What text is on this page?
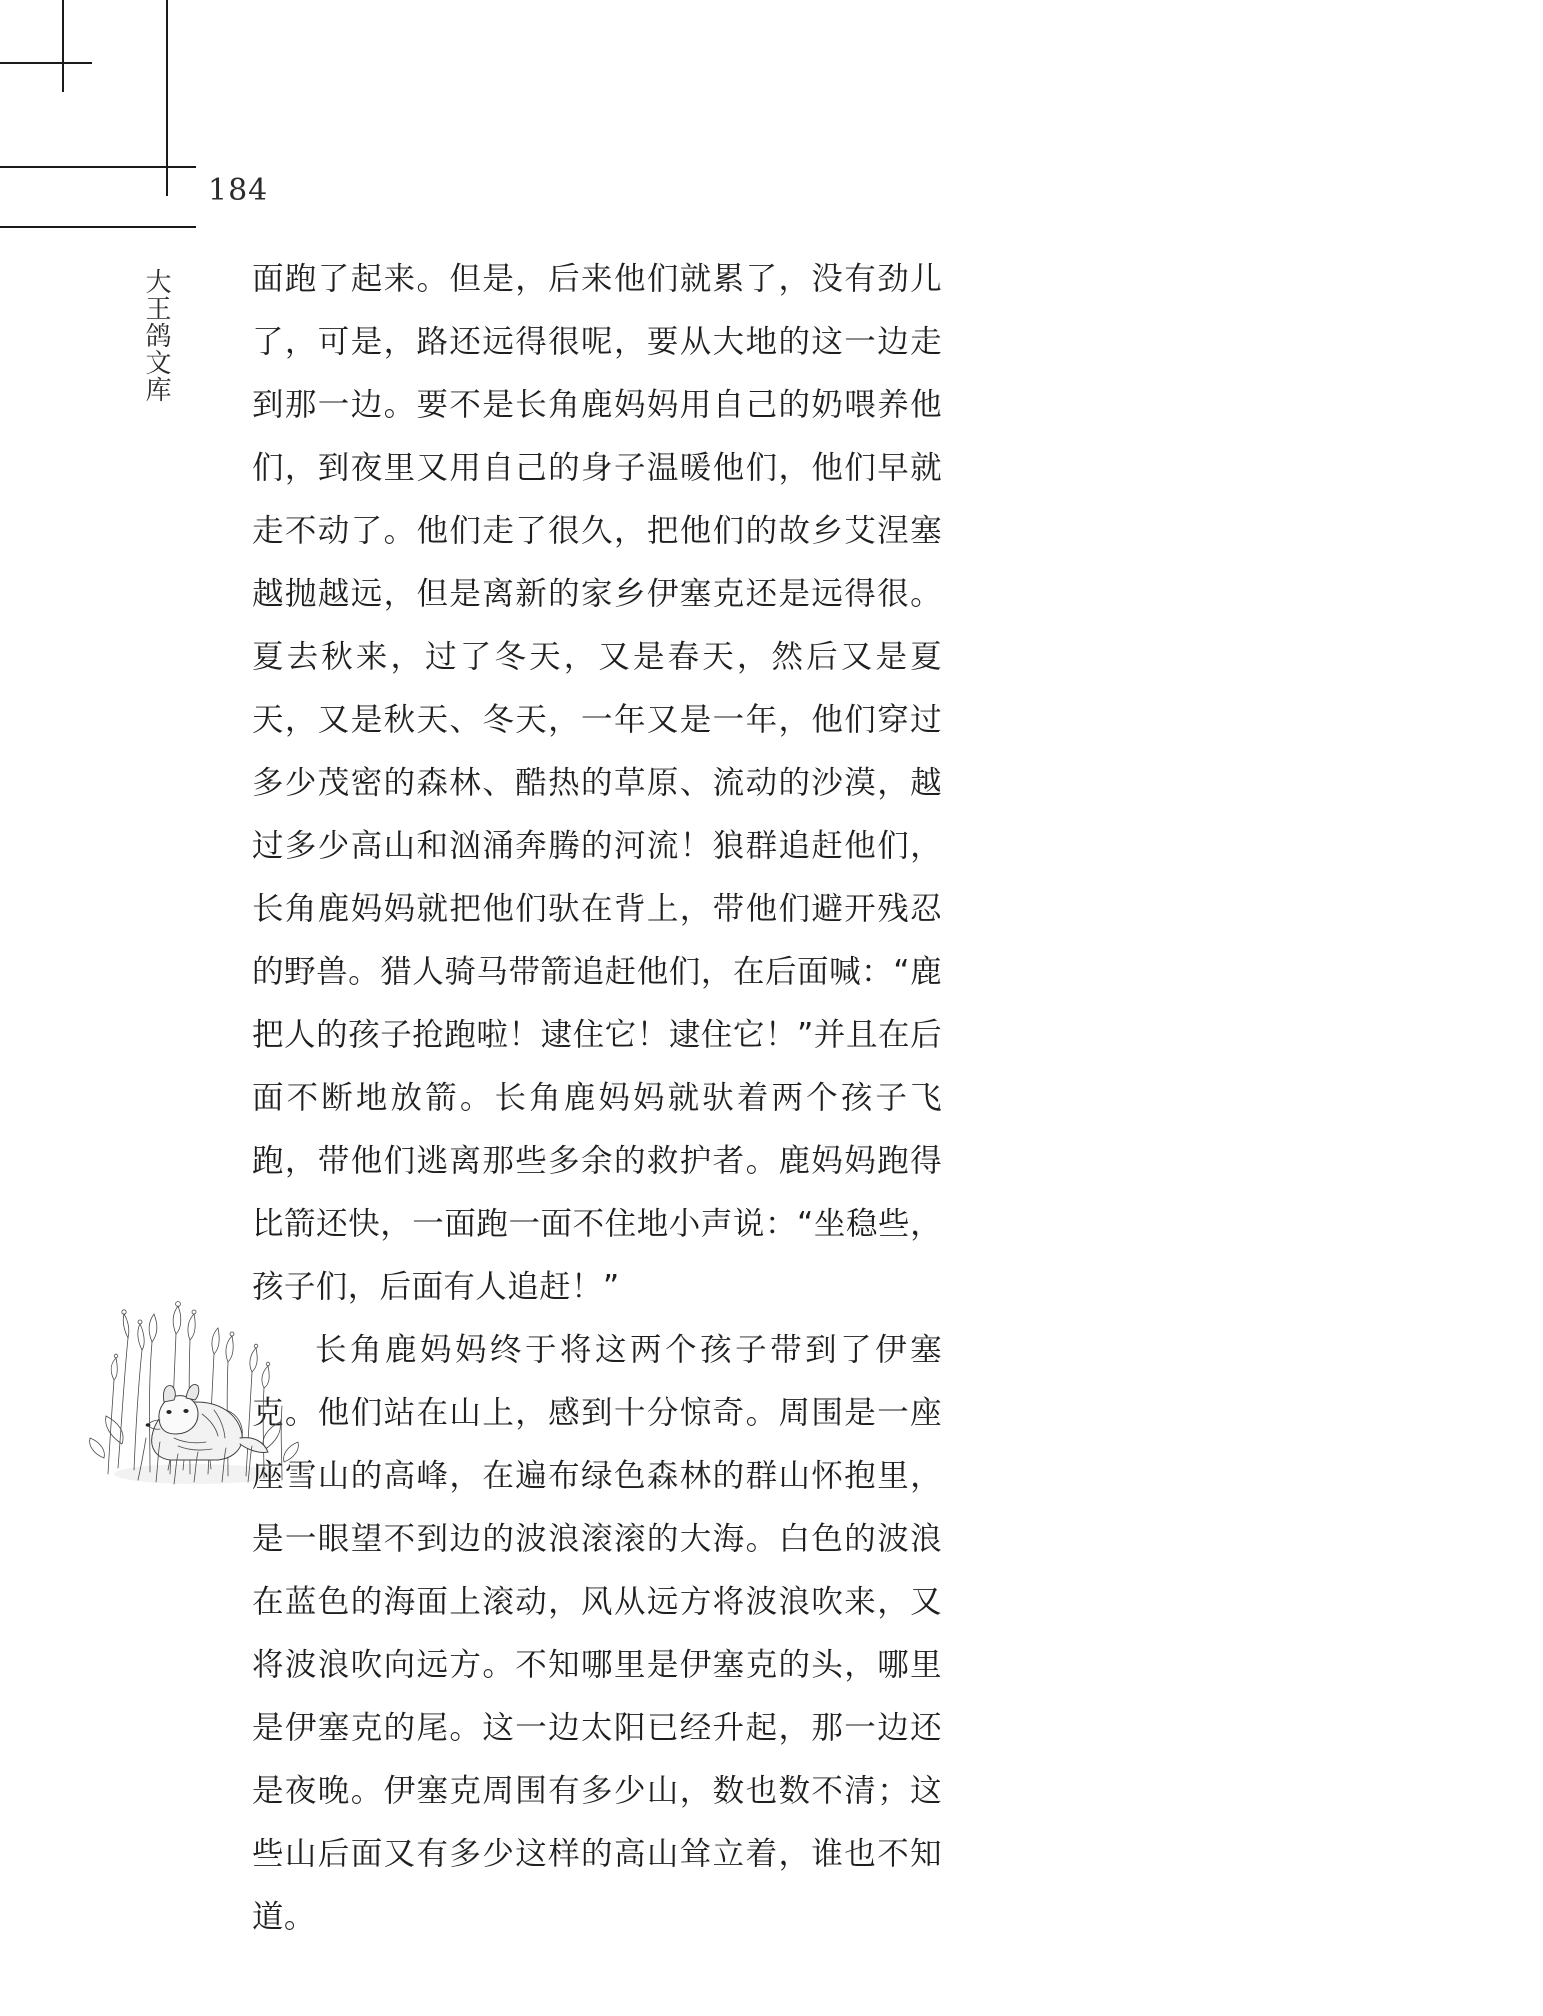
184
大王鸽文库	面跑了起来。但是，后来他们就累了，没有劲儿了，可是，路还远得很呢，要从大地的这一边走到那一边。要不是长角鹿妈妈用自己的奶喂养他们，到夜里又用自己的身子温暖他们，他们早就走不动了。他们走了很久，把他们的故乡艾涅塞越抛越远，但是离新的家乡伊塞克还是远得很。夏去秋来，过了冬天，又是春天，然后又是夏天，又是秋天、冬天，一年又是一年，他们穿过多少茂密的森林、酷热的草原、流动的沙漠，越过多少高山和汹涌奔腾的河流！狼群追赶他们，长角鹿妈妈就把他们驮在背上，带他们避开残忍的野兽。猎人骑马带箭追赶他们，在后面喊：“鹿把人的孩子抢跑啦！逮住它！逮住它！”并且在后面不断地放箭。长角鹿妈妈就驮着两个孩子飞跑，带他们逃离那些多余的救护者。鹿妈妈跑得比箭还快，一面跑一面不住地小声说：“坐稳些，孩子们，后面有人追赶！”

长角鹿妈妈终于将这两个孩子带到了伊塞克。他们站在山上，感到十分惊奇。周围是一座座雪山的高峰，在遍布绿色森林的群山怀抱里，是一眼望不到边的波浪滚滚的大海。白色的波浪在蓝色的海面上滚动，风从远方将波浪吹来，又将波浪吹向远方。不知哪里是伊塞克的头，哪里是伊塞克的尾。这一边太阳已经升起，那一边还是夜晚。伊塞克周围有多少山，数也数不清；这些山后面又有多少这样的高山耸立着，谁也不知道。
